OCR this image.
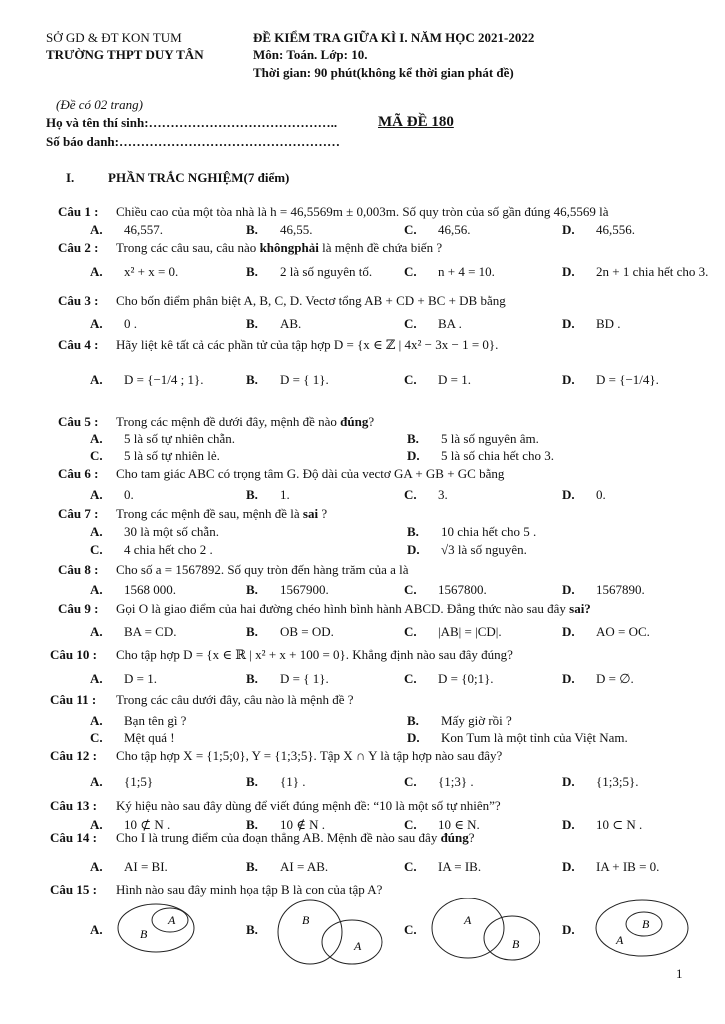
SỞ GD & ĐT KON TUM
TRƯỜNG THPT DUY TÂN
ĐỀ KIỂM TRA GIỮA KÌ I. NĂM HỌC 2021-2022
Môn: Toán. Lớp: 10.
Thời gian: 90 phút(không kể thời gian phát đề)
(Đề có 02 trang)
Họ và tên thí sinh:……………………………………..	MÃ ĐỀ 180
Số báo danh:……………………………………………
I.	PHẦN TRẮC NGHIỆM(7 điểm)
Câu 1 : Chiều cao của một tòa nhà là h = 46,5569m ± 0,003m. Số quy tròn của số gần đúng 46,5569 là
A. 46,557.	B. 46,55.	C. 46,56.	D. 46,556.
Câu 2 : Trong các câu sau, câu nào khôngphải là mệnh đề chứa biến ?
A. x² + x = 0.	B. 2 là số nguyên tố. C. n + 4 = 10.	D. 2n + 1 chia hết cho 3.
Câu 3 : Cho bốn điểm phân biệt A, B, C, D. Vectơ tổng AB + CD + BC + DB bằng
A. 0 .	B. AB.	C. BA .	D. BD .
Câu 4 : Hãy liệt kê tất cả các phần tử của tập hợp D = {x ∈ ℤ | 4x² − 3x − 1 = 0}.
A. D = {−1/4 ; 1}.	B. D = { 1}.	C. D = 1.	D. D = {−1/4}.
Câu 5 : Trong các mệnh đề dưới đây, mệnh đề nào đúng?
A. 5 là số tự nhiên chẵn.	B. 5 là số nguyên âm.
C. 5 là số tự nhiên lẻ.	D. 5 là số chia hết cho 3.
Câu 6 : Cho tam giác ABC có trọng tâm G. Độ dài của vectơ GA + GB + GC bằng
A. 0.	B. 1.	C. 3.	D. 0.
Câu 7 : Trong các mệnh đề sau, mệnh đề là sai ?
A. 30 là một số chẵn.	B. 10 chia hết cho 5 .
C. 4 chia hết cho 2 .	D. √3 là số nguyên.
Câu 8 : Cho số a = 1567892. Số quy tròn đến hàng trăm của a là
A. 1568 000.	B. 1567900.	C. 1567800.	D. 1567890.
Câu 9 : Gọi O là giao điểm của hai đường chéo hình bình hành ABCD. Đẳng thức nào sau đây sai?
A. BA = CD.	B. OB = OD.	C. |AB| = |CD|.	D. AO = OC.
Câu 10 : Cho tập hợp D = {x ∈ ℝ | x² + x + 100 = 0}. Khẳng định nào sau đây đúng?
A. D = 1.	B. D = { 1}.	C. D = {0;1}.	D. D = ∅.
Câu 11 : Trong các câu dưới đây, câu nào là mệnh đề ?
A. Bạn tên gì ?	B. Mấy giờ rồi ?
C. Mệt quá !	D. Kon Tum là một tỉnh của Việt Nam.
Câu 12 : Cho tập hợp X = {1;5;0}, Y = {1;3;5}. Tập X ∩ Y là tập hợp nào sau đây?
A. {1;5}	B. {1} .	C. {1;3} .	D. {1;3;5}.
Câu 13 : Ký hiệu nào sau đây dùng để viết đúng mệnh đề: “10 là một số tự nhiên”?
A. 10 ⊄ N .	B. 10 ∉ N .	C. 10 ∈ N.	D. 10 ⊂ N .
Câu 14 : Cho I là trung điểm của đoạn thẳng AB. Mệnh đề nào sau đây đúng?
A. AI = BI.	B. AI = AB.	C. IA = IB.	D. IA + IB = 0.
Câu 15 : Hình nào sau đây minh họa tập B là con của tập A?
A.	B.	C.	D.
B
A	B
A
A
B	A
B
1
